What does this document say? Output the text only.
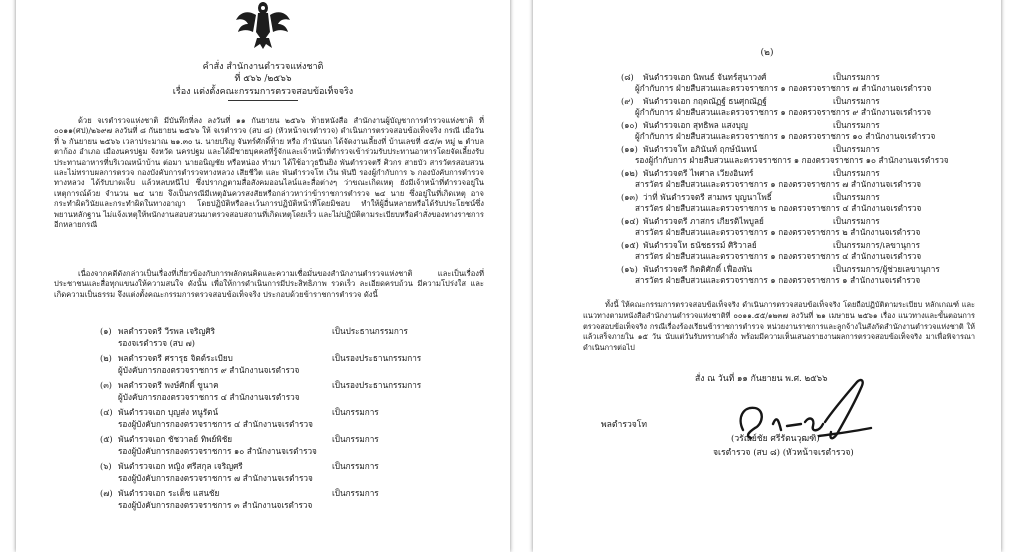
คำสั่ง สำนักงานตำรวจแห่งชาติ
ที่ ๕๖๖ /๒๕๖๖
เรื่อง แต่งตั้งคณะกรรมการตรวจสอบข้อเท็จจริง
ด้วย จเรตำรวจแห่งชาติ มีบันทึกที่ลง ลงวันที่ ๑๑ กันยายน ๒๕๖๖ ท้ายหนังสือ สำนักงานผู้บัญชาการตำรวจแห่งชาติ ที่ ๐๐๑๑(ศป)/๒๖๙๗ ลงวันที่ ๘ กันยายน ๒๕๖๖ ให้ จเรตำรวจ (สบ ๘) (หัวหน้าจเรตำรวจ) ดำเนินการตรวจสอบข้อเท็จจริง กรณี เมื่อวันที่ ๖ กันยายน ๒๕๖๖ เวลาประมาณ ๒๑.๓๐ น. นายปริญ จันทร์ศักดิ์ท้าย หรือ กำนันนก ได้จัดงานเลี้ยงที่ บ้านเลขที่ ๕๕/๓ หมู่ ๒ ตำบล ตาก้อง อำเภอ เมืองนครปฐม จังหวัด นครปฐม และได้มีชายบุคคลที่รู้จักและเจ้าหน้าที่ตำรวจเข้าร่วมรับประทานอาหารโดยจัดเลี้ยงรับประทานอาหารที่บริเวณหน้าบ้าน ต่อมา นายอนิญชัย หรือหน่อง ทำมา ได้ใช้อาวุธปืนยิง พันตำรวจตรี ศิวกร สายบัว สารวัตรสอบสวน และไม่ทราบผลการตรวจ กองบังคับการตำรวจทางหลวง เสียชีวิต และ พันตำรวจโท เวิน พันปี รองผู้กำกับการ ๖ กองบังคับการตำรวจทางหลวง ได้รับบาดเจ็บ แล้วหลบหนีไป ซึ่งปรากฏตามสื่อสังคมออนไลน์และสื่อต่างๆ ว่าขณะเกิดเหตุ ยังมีเจ้าหน้าที่ตำรวจอยู่ในเหตุการณ์ด้วย จำนวน ๒๔ นาย จึงเป็นกรณีมีเหตุอันควรสงสัยหรือกล่าวหาว่าข้าราชการตำรวจ ๒๔ นาย ซึ่งอยู่ในที่เกิดเหตุ อาจกระทำผิดวินัยและกระทำผิดในทางอาญา โดยปฏิบัติหรือละเว้นการปฏิบัติหน้าที่โดยมิชอบ ทำให้ผู้อื่นหลายหรือได้รับประโยชน์ซึ่งพยานหลักฐาน ไม่แจ้งเหตุให้พนักงานสอบสวนมาตรวจสอบสถานที่เกิดเหตุโดยเร็ว และไม่ปฏิบัติตามระเบียบหรือคำสั่งของทางราชการอีกหลายกรณี
เนื่องจากคดีดังกล่าวเป็นเรื่องที่เกี่ยวข้องกับการพลักดนคิดและความเชื่อมั่นของสำนักงานตำรวจแห่งชาติ และเป็นเรื่องที่ประชาชนและสื่อทุกแขนงให้ความสนใจ ดังนั้น เพื่อให้การดำเนินการมีประสิทธิภาพ รวดเร็ว ละเอียดครบถ้วน มีความโปร่งใส และเกิดความเป็นธรรม จึงแต่งตั้งคณะกรรมการตรวจสอบข้อเท็จจริง ประกอบด้วยข้าราชการตำรวจ ดังนี้
(๑) พลตำรวจตรี วีรพล เจริญศิริ	เป็นประธานกรรมการ
รองจเรตำรวจ (สบ ๗)
(๒) พลตำรวจตรี ศรารุธ จิตต์ระเบียบ	เป็นรองประธานกรรมการ
ผู้บังคับการกองตรวจราชการ ๙ สำนักงานจเรตำรวจ
(๓) พลตำรวจตรี พงษ์ศักดิ์ ขูนาค	เป็นรองประธานกรรมการ
ผู้บังคับการกองตรวจราชการ ๔ สำนักงานจเรตำรวจ
(๔) พันตำรวจเอก บุญส่ง หนูรัตน์	เป็นกรรมการ
รองผู้บังคับการกองตรวจราชการ ๔ สำนักงานจเรตำรวจ
(๕) พันตำรวจเอก ชัชวาลย์ ทิพย์พิชัย	เป็นกรรมการ
รองผู้บังคับการกองตรวจราชการ ๑๐ สำนักงานจเรตำรวจ
(๖) พันตำรวจเอก หญิง ศรีสกุล เจริญศรี	เป็นกรรมการ
รองผู้บังคับการกองตรวจราชการ ๗ สำนักงานจเรตำรวจ
(๗) พันตำรวจเอก ระเด็ช แสนชัย	เป็นกรรมการ
รองผู้บังคับการกองตรวจราชการ ๓ สำนักงานจเรตำรวจ
(๒)
(๘) พันตำรวจเอก นิพนธ์ จันทร์สุนาวงศ์	เป็นกรรมการ
ผู้กำกับการ ฝ่ายสืบสวนและตรวจราชการ ๑ กองตรวจราชการ ๗ สำนักงานจเรตำรวจ
(๙) พันตำรวจเอก กฤตณัฏฐ์ ธนศุกณัฏฐ์	เป็นกรรมการ
ผู้กำกับการ ฝ่ายสืบสวนและตรวจราชการ ๑ กองตรวจราชการ ๙ สำนักงานจเรตำรวจ
(๑๐) พันตำรวจเอก สุทธิพล แสงบุญ	เป็นกรรมการ
ผู้กำกับการ ฝ่ายสืบสวนและตรวจราชการ ๑ กองตรวจราชการ ๑๐ สำนักงานจเรตำรวจ
(๑๑) พันตำรวจโท อภินันท์ ฤกษ์นันทน์	เป็นกรรมการ
รองผู้กำกับการ ฝ่ายสืบสวนและตรวจราชการ ๑ กองตรวจราชการ ๑๐ สำนักงานจเรตำรวจ
(๑๒) พันตำรวจตรี ไพศาล เวียงอินทร์	เป็นกรรมการ
สารวัตร ฝ่ายสืบสวนและตรวจราชการ ๑ กองตรวจราชการ ๗ สำนักงานจเรตำรวจ
(๑๓) ว่าที่ พันตำรวจตรี สามพร บุญนาโพธิ์	เป็นกรรมการ
สารวัตร ฝ่ายสืบสวนและตรวจราชการ ๒ กองตรวจราชการ ๔ สำนักงานจเรตำรวจ
(๑๔) พันตำรวจตรี ภาสกร เกียรติไพบูลย์	เป็นกรรมการ
สารวัตร ฝ่ายสืบสวนและตรวจราชการ ๑ กองตรวจราชการ ๒ สำนักงานจเรตำรวจ
(๑๕) พันตำรวจโท ธนัชธรรม์ ศิริวาลย์	เป็นกรรมการ/เลขานุการ
สารวัตร ฝ่ายสืบสวนและตรวจราชการ ๑ กองตรวจราชการ ๔ สำนักงานจเรตำรวจ
(๑๖) พันตำรวจตรี กิตติศักดิ์ เฟื่องพัน	เป็นกรรมการ/ผู้ช่วยเลขานุการ
สารวัตร ฝ่ายสืบสวนและตรวจราชการ ๑ กองตรวจราชการ ๑ สำนักงานจเรตำรวจ
ทั้งนี้ ให้คณะกรรมการตรวจสอบข้อเท็จจริง ดำเนินการตรวจสอบข้อเท็จจริง โดยถือปฏิบัติตามระเบียบ หลักเกณฑ์ และแนวทางตามหนังสือสำนักงานตำรวจแห่งชาติที่ ๐๐๑๑.๕๕/๑๒๓๗ ลงวันที่ ๒๑ เมษายน ๒๕๖๑ เรื่อง แนวทางและขั้นตอนการตรวจสอบข้อเท็จจริง กรณีเรื่องร้องเรียนข้าราชการตำรวจ หน่วยงานราชการและลูกจ้างในสังกัดสำนักงานตำรวจแห่งชาติ ให้แล้วเสร็จภายใน ๑๕ วัน นับแต่วันรับทราบคำสั่ง พร้อมมีความเห็นเสนอรายงานผลการตรวจสอบข้อเท็จจริง มาเพื่อพิจารณาดำเนินการต่อไป
สั่ง ณ วันที่ ๑๑ กันยายน พ.ศ. ๒๕๖๖
พลตำรวจโท
(วรัณย์ชัย ศรีรัตนวุฒฑิ)
จเรตำรวจ (สบ ๘) (หัวหน้าจเรตำรวจ)
